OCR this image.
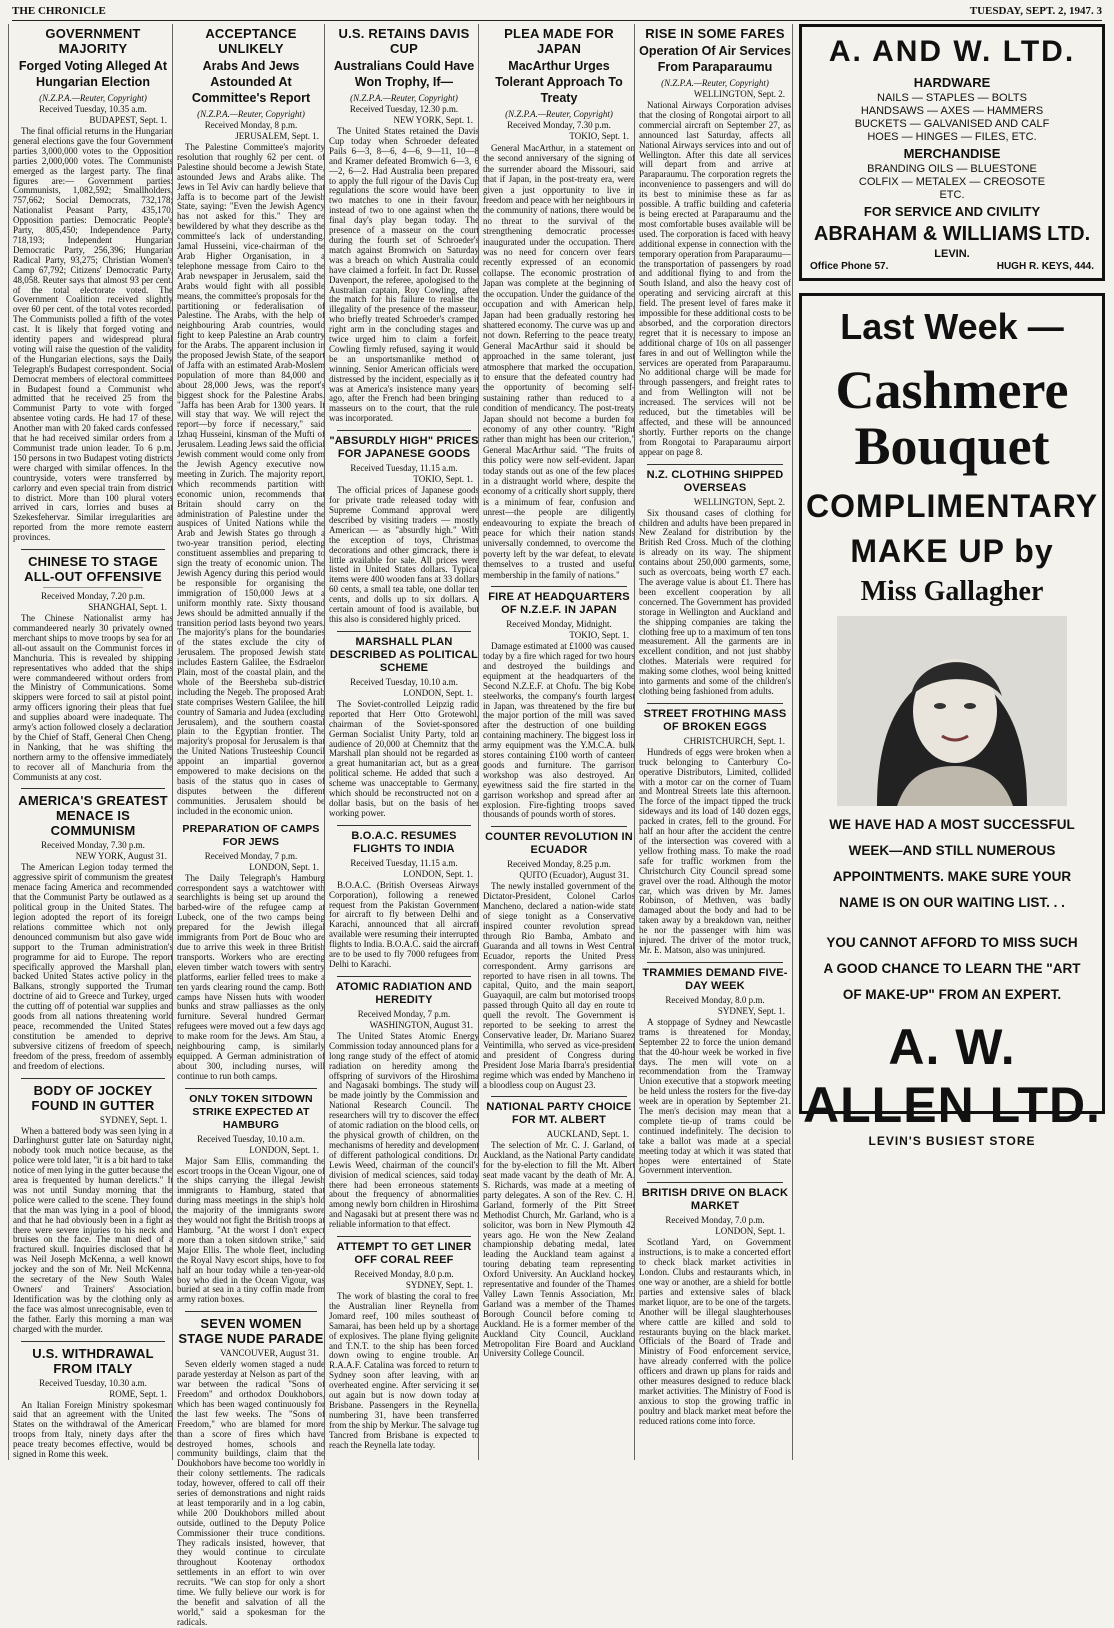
THE CHRONICLE	TUESDAY, SEPT. 2, 1947. 3
GOVERNMENT MAJORITY
Forged Voting Alleged At Hungarian Election
(N.Z.P.A.—Reuter, Copyright)
Received Tuesday, 10.35 a.m.
BUDAPEST, Sept. 1.

The final official returns in the Hungarian general elections gave the four Government parties 3,000,000 votes to the Opposition parties 2,000,000 votes. The Communists emerged as the largest party. The final figures are:— Government parties: Communists, 1,082,592; Smallholders, 757,662; Social Democrats, 732,178; Nationalist Peasant Party, 435,170. Opposition parties: Democratic People's Party, 805,450; Independence Party, 718,193; Independent Hungarian Democratic Party, 256,396; Hungarian Radical Party, 93,275; Christian Women's Camp 67,792; Citizens' Democratic Party, 48,058. Reuter says that almost 93 per cent. of the total electorate voted. The Government Coalition received slightly over 60 per cent. of the total votes recorded. The Communists polled a fifth of the votes cast. It is likely that forged voting and identity papers and widespread plural voting will raise the question of the validity of the Hungarian elections, says the Daily Telegraph's Budapest correspondent. Social Democrat members of electoral committees in Budapest found a Communist who admitted that he received 25 from the Communist Party to vote with forged absentee voting cards. He had 17 of these. Another man with 20 faked cards confessed that he had received similar orders from a Communist trade union leader. To 6 p.m. 150 persons in two Budapest voting districts were charged with similar offences. In the countryside, voters were transferred by carlorry and even special train from district to district. More than 100 plural voters arrived in cars, lorries and buses at Szekesfehervar. Similar irregularities are reported from the more remote eastern provinces.

CHINESE TO STAGE ALL-OUT OFFENSIVE
Received Monday, 7.20 p.m.
SHANGHAI, Sept. 1.

The Chinese Nationalist army has commandeered nearly 30 privately owned merchant ships to move troops by sea for an all-out assault on the Communist forces in Manchuria. This is revealed by shipping representatives who added that the ships were commandeered without orders from the Ministry of Communications. Some skippers were forced to sail at pistol point, army officers ignoring their pleas that fuel and supplies aboard were inadequate. The army's action followed closely a declaration by the Chief of Staff, General Chen Cheng, in Nanking, that he was shifting the northern army to the offensive immediately to recover all of Manchuria from the Communists at any cost.

AMERICA'S GREATEST MENACE IS COMMUNISM
Received Monday, 7.30 p.m.
NEW YORK, August 31.

The American Legion today termed the aggressive spirit of communism the greatest menace facing America and recommended that the Communist Party be outlawed as a political group in the United States. The legion adopted the report of its foreign relations committee which not only denounced communism but also gave wide support to the Truman administration's programme for aid to Europe. The report specifically approved the Marshall plan, backed United States active policy in the Balkans, strongly supported the Truman doctrine of aid to Greece and Turkey, urged the cutting off of potential war supplies and goods from all nations threatening world peace, recommended the United States' constitution be amended to deprive subversive citizens of freedom of speech, freedom of the press, freedom of assembly and freedom of elections.

BODY OF JOCKEY FOUND IN GUTTER
SYDNEY, Sept. 1.

When a battered body was seen lying in a Darlinghurst gutter late on Saturday night, nobody took much notice because, as the police were told later, "it is a bit hard to take notice of men lying in the gutter because the area is frequented by human derelicts." It was not until Sunday morning that the police were called to the scene. They found that the man was lying in a pool of blood, and that he had obviously been in a fight as there were severe injuries to his neck and bruises on the face. The man died of a fractured skull. Inquiries disclosed that he was Neil Joseph McKenna, a well known jockey and the son of Mr. Neil McKenna, the secretary of the New South Wales Owners' and Trainers' Association. Identification was by the clothing only as the face was almost unrecognisable, even to the father. Early this morning a man was charged with the murder.

U.S. WITHDRAWAL FROM ITALY
Received Tuesday, 10.30 a.m.
ROME, Sept. 1.

An Italian Foreign Ministry spokesman said that an agreement with the United States on the withdrawal of the American troops from Italy, ninety days after the peace treaty becomes effective, would be signed in Rome this week.

ACCEPTANCE UNLIKELY
Arabs And Jews Astounded At Committee's Report
(N.Z.P.A.—Reuter, Copyright)
Received Monday, 8 p.m.
JERUSALEM, Sept. 1.

The Palestine Committee's majority resolution that roughly 62 per cent. of Palestine should become a Jewish State, astounded Jews and Arabs alike. The Jews in Tel Aviv can hardly believe that Jaffa is to become part of the Jewish State, saying: "Even the Jewish Agency has not asked for this." They are bewildered by what they describe as the committee's lack of understanding. Jamal Husseini, vice-chairman of the Arab Higher Organisation, in a telephone message from Cairo to the Arab newspaper in Jerusalem, said the Arabs would fight with all possible means, the committee's proposals for the partitioning or federalisation of Palestine. The Arabs, with the help of neighbouring Arab countries, would fight to keep Palestine an Arab country for the Arabs. The apparent inclusion in the proposed Jewish State, of the seaport of Jaffa with an estimated Arab-Moslem population of more than 84,000 and about 28,000 Jews, was the report's biggest shock for the Palestine Arabs. "Jaffa has been Arab for 1300 years. It will stay that way. We will reject the report—by force if necessary," said Izhaq Husseini, kinsman of the Mufti of Jerusalem. Leading Jews said the official Jewish comment would come only from the Jewish Agency executive now meeting in Zurich. The majority report, which recommends partition with economic union, recommends that Britain should carry on the administration of Palestine under the auspices of United Nations while the Arab and Jewish States go through a two-year transition period, electing constituent assemblies and preparing to sign the treaty of economic union. The Jewish Agency during this period would be responsible for organising the immigration of 150,000 Jews at a uniform monthly rate. Sixty thousand Jews should be admitted annually if the transition period lasts beyond two years. The majority's plans for the boundaries of the states exclude the city of Jerusalem. The proposed Jewish state includes Eastern Galilee, the Esdraelon Plain, most of the coastal plain, and the whole of the Beersheba sub-district including the Negeb. The proposed Arab state comprises Western Galilee, the hill country of Samaria and Judea (excluding Jerusalem), and the southern coastal plain to the Egyptian frontier. The majority's proposal for Jerusalem is that the United Nations Trusteeship Council appoint an impartial governor empowered to make decisions on the basis of the status quo in cases of disputes between the different communities. Jerusalem should be included in the economic union.

PREPARATION OF CAMPS FOR JEWS
Received Monday, 7 p.m.
LONDON, Sept. 1.

The Daily Telegraph's Hamburg correspondent says a watchtower with searchlights is being set up around the barbed-wire of the refugee camp at Lubeck, one of the two camps being prepared for the Jewish illegal immigrants from Port de Bouc who are due to arrive this week in three British transports. Workers who are erecting eleven timber watch towers with sentry platforms, earlier felled trees to make a ten yards clearing round the camp. Both camps have Nissen huts with wooden bunks and straw palliasses as the only furniture. Several hundred German refugees were moved out a few days ago to make room for the Jews. Am Stau, a neighbouring camp, is similarly equipped. A German administration of about 300, including nurses, will continue to run both camps.

ONLY TOKEN SITDOWN STRIKE EXPECTED AT HAMBURG
Received Tuesday, 10.10 a.m.
LONDON, Sept. 1.

Major Sam Ellis, commanding the escort troops in the Ocean Vigour, one of the ships carrying the illegal Jewish immigrants to Hamburg, stated that during mass meetings in the ship's hold the majority of the immigrants swore they would not fight the British troops at Hamburg. "At the worst I don't expect more than a token sitdown strike," said Major Ellis. The whole fleet, including the Royal Navy escort ships, hove to for half an hour today while a ten-year-old boy who died in the Ocean Vigour, was buried at sea in a tiny coffin made from army ration boxes.

SEVEN WOMEN STAGE NUDE PARADE
VANCOUVER, August 31.

Seven elderly women staged a nude parade yesterday at Nelson as part of the war between the radical "Sons of Freedom" and orthodox Doukhobors, which has been waged continuously for the last few weeks. The "Sons of Freedom," who are blamed for more than a score of fires which have destroyed homes, schools and community buildings, claim that the Doukhobors have become too worldly in their colony settlements. The radicals today, however, offered to call off their series of demonstrations and night raids at least temporarily and in a log cabin, while 200 Doukhobors milled about outside, outlined to the Deputy Police Commissioner their truce conditions. They radicals insisted, however, that they would continue to circulate throughout Kootenay orthodox settlements in an effort to win over recruits. "We can stop for only a short time. We fully believe our work is for the benefit and salvation of all the world," said a spokesman for the radicals.

U.S. RETAINS DAVIS CUP
Australians Could Have Won Trophy, If—
(N.Z.P.A.—Reuter, Copyright)
Received Tuesday, 12.30 p.m.
NEW YORK, Sept. 1.

The United States retained the Davis Cup today when Schroeder defeated Pails 6—3, 8—6, 4—6, 9—11, 10—8 and Kramer defeated Bromwich 6—3, 6—2, 6—2. Had Australia been prepared to apply the full rigour of the Davis Cup regulations the score would have been two matches to one in their favour, instead of two to one against when the final day's play began today. The presence of a masseur on the court during the fourth set of Schroeder's match against Bromwich on Saturday was a breach on which Australia could have claimed a forfeit. In fact Dr. Russel Davenport, the referee, apologised to the Australian captain, Roy Cowling, after the match for his failure to realise the illegality of the presence of the masseur, who briefly treated Schroeder's cramped right arm in the concluding stages and twice urged him to claim a forfeit. Cowling firmly refused, saying it would be an unsportsmanlike method of winning. Senior American officials were distressed by the incident, especially as it was at America's insistence many years ago, after the French had been bringing masseurs on to the court, that the rule was incorporated.

"ABSURDLY HIGH" PRICES FOR JAPANESE GOODS
Received Tuesday, 11.15 a.m.
TOKIO, Sept. 1.

The official prices of Japanese goods for private trade released today with Supreme Command approval were described by visiting traders — mostly American — as "absurdly high." With the exception of toys, Christmas decorations and other gimcrack, there is little available for sale. All prices were listed in United States dollars. Typical items were 400 wooden fans at 33 dollars 60 cents, a small tea table, one dollar ten cents, and dolls up to six dollars. A certain amount of food is available, but this also is considered highly priced.

MARSHALL PLAN DESCRIBED AS POLITICAL SCHEME
Received Tuesday, 10.10 a.m.
LONDON, Sept. 1.

The Soviet-controlled Leipzig radio reported that Herr Otto Grotewohl, chairman of the Soviet-sponsored German Socialist Unity Party, told an audience of 20,000 at Chemnitz that the Marshall plan should not be regarded as a great humanitarian act, but as a great political scheme. He added that such a scheme was unacceptable to Germany, which should be reconstructed not on a dollar basis, but on the basis of her working power.

B.O.A.C. RESUMES FLIGHTS TO INDIA
Received Tuesday, 11.15 a.m.
LONDON, Sept. 1.

B.O.A.C. (British Overseas Airways Corporation), following a renewed request from the Pakistan Government for aircraft to fly between Delhi and Karachi, announced that all aircraft available were resuming their interrupted flights to India. B.O.A.C. said the aircraft are to be used to fly 7000 refugees from Delhi to Karachi.

ATOMIC RADIATION AND HEREDITY
Received Monday, 7 p.m.
WASHINGTON, August 31.

The United States Atomic Energy Commission today announced plans for a long range study of the effect of atomic radiation on heredity among the offspring of survivors of the Hiroshima and Nagasaki bombings. The study will be made jointly by the Commission and National Research Council. The researchers will try to discover the effect of atomic radiation on the blood cells, on the physical growth of children, on the mechanisms of heredity and development of different pathological conditions. Dr. Lewis Weed, chairman of the council's division of medical sciences, said today there had been erroneous statements about the frequency of abnormalities among newly born children in Hiroshima and Nagasaki but at present there was no reliable information to that effect.

ATTEMPT TO GET LINER OFF CORAL REEF
Received Monday, 8.0 p.m.
SYDNEY, Sept. 1.

The work of blasting the coral to free the Australian liner Reynella from Jomard reef, 100 miles southeast of Samarai, has been held up by a shortage of explosives. The plane flying gelignite and T.N.T. to the ship has been forced down owing to engine trouble. An R.A.A.F. Catalina was forced to return to Sydney soon after leaving, with an overheated engine. After servicing it set out again but is now down today at Brisbane. Passengers in the Reynella, numbering 31, have been transferred from the ship by Merkur. The salvage tug Tancred from Brisbane is expected to reach the Reynella late today.

PLEA MADE FOR JAPAN
MacArthur Urges Tolerant Approach To Treaty
(N.Z.P.A.—Reuter, Copyright)
Received Monday, 7.30 p.m.
TOKIO, Sept. 1.

General MacArthur, in a statement on the second anniversary of the signing of the surrender aboard the Missouri, said that if Japan, in the post-treaty era, were given a just opportunity to live in freedom and peace with her neighbours in the community of nations, there would be no threat to the survival of the strengthening democratic processes inaugurated under the occupation. There was no need for concern over fears recently expressed of an economic collapse. The economic prostration of Japan was complete at the beginning of the occupation. Under the guidance of the occupation and with American help, Japan had been gradually restoring her shattered economy. The curve was up and not down. Referring to the peace treaty, General MacArthur said it should be approached in the same tolerant, just atmosphere that marked the occupation, to ensure that the defeated country had the opportunity of becoming self-sustaining rather than reduced to a condition of mendicancy. The post-treaty Japan should not become a burden for economy of any other country. "Right rather than might has been our criterion," General MacArthur said. "The fruits of this policy were now self-evident. Japan today stands out as one of the few places in a distraught world where, despite the economy of a critically short supply, there is a minimum of fear, confusion and unrest—the people are diligently endeavouring to expiate the breach of peace for which their nation stands universally condemned, to overcome the poverty left by the war defeat, to elevate themselves to a trusted and useful membership in the family of nations."

FIRE AT HEADQUARTERS OF N.Z.E.F. IN JAPAN
Received Monday, Midnight.
TOKIO, Sept. 1.

Damage estimated at £1000 was caused today by a fire which raged for two hours and destroyed the buildings and equipment at the headquarters of the Second N.Z.E.F. at Chofu. The big Kobe steelworks, the company's fourth largest in Japan, was threatened by the fire but the major portion of the mill was saved after the destruction of one building containing machinery. The biggest loss in army equipment was the Y.M.C.A. bulk stores containing £100 worth of canteen goods and furniture. The garrison workshop was also destroyed. An eyewitness said the fire started in the garrison workshop and spread after an explosion. Fire-fighting troops saved thousands of pounds worth of stores.

COUNTER REVOLUTION IN ECUADOR
Received Monday, 8.25 p.m.
QUITO (Ecuador), August 31.

The newly installed government of the Dictator-President, Colonel Carlos Mancheno, declared a nation-wide state of siege tonight as a Conservative inspired counter revolution spread through Rio Bamba, Ambato and Guaranda and all towns in West Central Ecuador, reports the United Press correspondent. Army garrisons are reported to have risen in all towns. The capital, Quito, and the main seaport, Guayaquil, are calm but motorised troops passed through Quito all day en route to quell the revolt. The Government is reported to be seeking to arrest the Conservative leader, Dr. Mariano Suarez Veintimilla, who served as vice-president and president of Congress during President Jose Maria Ibarra's presidential regime which was ended by Mancheno in a bloodless coup on August 23.

NATIONAL PARTY CHOICE FOR MT. ALBERT
AUCKLAND, Sept. 1.

The selection of Mr. C. J. Garland, of Auckland, as the National Party candidate for the by-election to fill the Mt. Albert seat made vacant by the death of Mr. A. S. Richards, was made at a meeting of party delegates. A son of the Rev. C. H. Garland, formerly of the Pitt Street Methodist Church, Mr. Garland, who is a solicitor, was born in New Plymouth 42 years ago. He won the New Zealand championship debating medal, later leading the Auckland team against a touring debating team representing Oxford University. An Auckland hockey representative and founder of the Thames Valley Lawn Tennis Association, Mr. Garland was a member of the Thames Borough Council before coming to Auckland. He is a former member of the Auckland City Council, Auckland Metropolitan Fire Board and Auckland University College Council.

RISE IN SOME FARES
Operation Of Air Services From Paraparaumu
(N.Z.P.A.—Reuter, Copyright)
WELLINGTON, Sept. 2.

National Airways Corporation advises that the closing of Rongotai airport to all commercial aircraft on September 27, as announced last Saturday, affects all National Airways services into and out of Wellington. After this date all services will depart from and arrive at Paraparaumu. The corporation regrets the inconvenience to passengers and will do its best to minimise these as far as possible. A traffic building and cafeteria is being erected at Paraparaumu and the most comfortable buses available will be used. The corporation is faced with heavy additional expense in connection with the temporary operation from Paraparaumu—the transportation of passengers by road and additional flying to and from the South Island, and also the heavy cost of operating and servicing aircraft at this field. The present level of fares make it impossible for these additional costs to be absorbed, and the corporation directors regret that it is necessary to impose an additional charge of 10s on all passenger fares in and out of Wellington while the services are operated from Paraparaumu. No additional charge will be made for through passengers, and freight rates to and from Wellington will not be increased. The services will not be reduced, but the timetables will be affected, and these will be announced shortly. Further reports on the change from Rongotai to Paraparaumu airport appear on page 8.

N.Z. CLOTHING SHIPPED OVERSEAS
WELLINGTON, Sept. 2.

Six thousand cases of clothing for children and adults have been prepared in New Zealand for distribution by the British Red Cross. Much of the clothing is already on its way. The shipment contains about 250,000 garments, some, such as overcoats, being worth £7 each. The average value is about £1. There has been excellent cooperation by all concerned. The Government has provided storage in Wellington and Auckland and the shipping companies are taking the clothing free up to a maximum of ten tons measurement. All the garments are in excellent condition, and not just shabby clothes. Materials were required for making some clothes, wool being knitted into garments and some of the children's clothing being fashioned from adults.

STREET FROTHING MASS OF BROKEN EGGS
CHRISTCHURCH, Sept. 1.

Hundreds of eggs were broken when a truck belonging to Canterbury Co-operative Distributors, Limited, collided with a motor car on the corner of Tuam and Montreal Streets late this afternoon. The force of the impact tipped the truck sideways and its load of 140 dozen eggs, packed in crates, fell to the ground. For half an hour after the accident the centre of the intersection was covered with a yellow frothing mass. To make the road safe for traffic workmen from the Christchurch City Council spread some gravel over the road. Although the motor car, which was driven by Mr. James Robinson, of Methven, was badly damaged about the body and had to be taken away by a breakdown van, neither he nor the passenger with him was injured. The driver of the motor truck, Mr. E. Matson, also was uninjured.

TRAMMIES DEMAND FIVE-DAY WEEK
Received Monday, 8.0 p.m.
SYDNEY, Sept. 1.

A stoppage of Sydney and Newcastle trams is threatened for Monday, September 22 to force the union demand that the 40-hour week be worked in five days. The men will vote on a recommendation from the Tramway Union executive that a stopwork meeting be held unless the rosters for the five-day week are in operation by September 21. The men's decision may mean that a complete tie-up of trams could be continued indefinitely. The decision to take a ballot was made at a special meeting today at which it was stated that hopes were entertained of State Government intervention.

BRITISH DRIVE ON BLACK MARKET
Received Monday, 7.0 p.m.
LONDON, Sept. 1.

Scotland Yard, on Government instructions, is to make a concerted effort to check black market activities in London. Clubs and restaurants which, in one way or another, are a shield for bottle parties and extensive sales of black market liquor, are to be one of the targets. Another will be illegal slaughterhouses where cattle are killed and sold to restaurants buying on the black market. Officials of the Board of Trade and Ministry of Food enforcement service, have already conferred with the police officers and drawn up plans for raids and other measures designed to reduce black market activities. The Ministry of Food is anxious to stop the growing traffic in poultry and black market meat before the reduced rations come into force.

A. AND W. LTD.
HARDWARE
NAILS — STAPLES — BOLTS
HANDSAWS — AXES — HAMMERS
BUCKETS — GALVANISED AND CALF
HOES — HINGES — FILES, ETC.
MERCHANDISE
BRANDING OILS — BLUESTONE
COLFIX — METALEX — CREOSOTE
ETC.
FOR SERVICE AND CIVILITY
ABRAHAM & WILLIAMS LTD.
LEVIN.
Office Phone 57.	HUGH R. KEYS, 444.
Last Week —
Cashmere
Bouquet
COMPLIMENTARY
MAKE UP by
Miss Gallagher
WE HAVE HAD A MOST SUCCESSFUL WEEK—AND STILL NUMEROUS APPOINTMENTS. MAKE SURE YOUR NAME IS ON OUR WAITING LIST. . .
YOU CANNOT AFFORD TO MISS SUCH A GOOD CHANCE TO LEARN THE "ART OF MAKE-UP" FROM AN EXPERT.
A. W. ALLEN LTD.
LEVIN'S BUSIEST STORE
